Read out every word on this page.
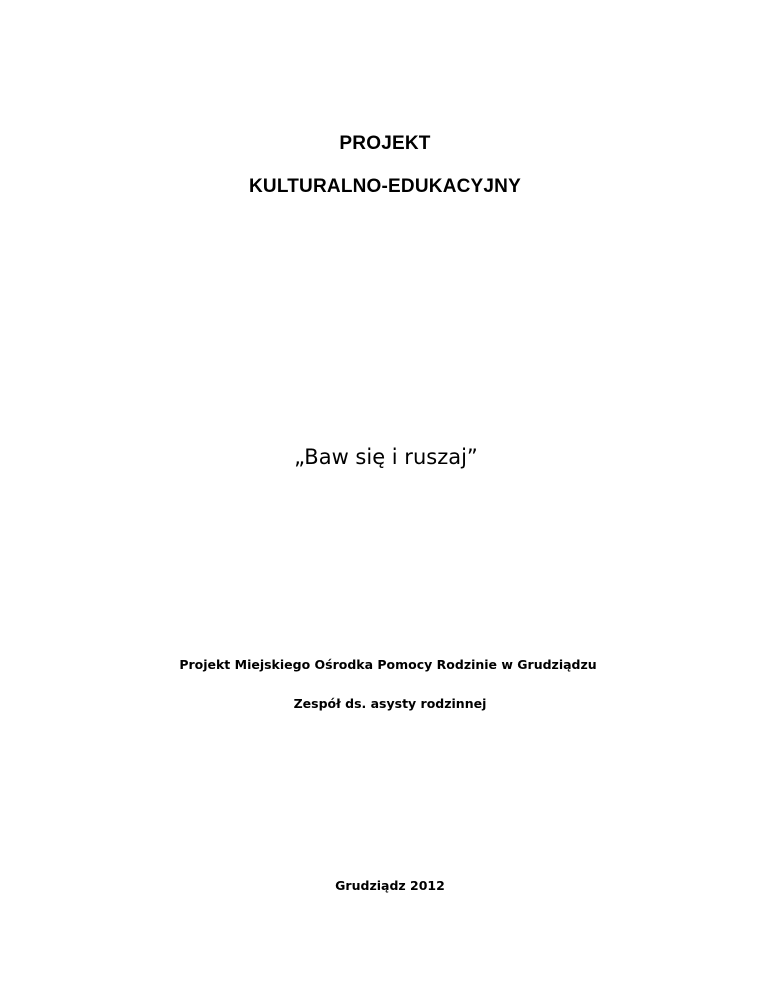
PROJEKT
KULTURALNO-EDUKACYJNY
„Baw się i ruszaj”
Projekt Miejskiego Ośrodka Pomocy Rodzinie w Grudziądzu
Zespół ds. asysty rodzinnej
Grudziądz 2012
